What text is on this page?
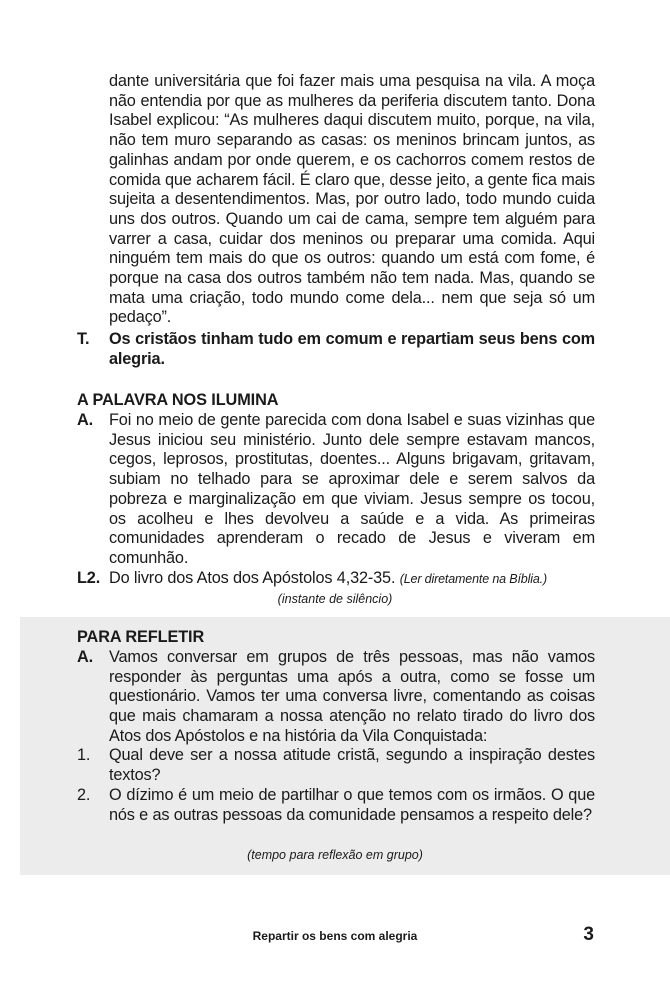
dante universitária que foi fazer mais uma pesquisa na vila. A moça não entendia por que as mulheres da periferia discutem tanto. Dona Isabel explicou: “As mulheres daqui discutem muito, porque, na vila, não tem muro separando as casas: os meninos brincam juntos, as galinhas andam por onde querem, e os cachorros comem restos de comida que acharem fácil. É claro que, desse jeito, a gente fica mais sujeita a desentendimentos. Mas, por outro lado, todo mundo cuida uns dos outros. Quando um cai de cama, sempre tem alguém para varrer a casa, cuidar dos meninos ou preparar uma comida. Aqui ninguém tem mais do que os outros: quando um está com fome, é porque na casa dos outros também não tem nada. Mas, quando se mata uma criação, todo mundo come dela... nem que seja só um pedaço”.
T. Os cristãos tinham tudo em comum e repartiam seus bens com alegria.
A PALAVRA NOS ILUMINA
A. Foi no meio de gente parecida com dona Isabel e suas vizinhas que Jesus iniciou seu ministério. Junto dele sempre estavam mancos, cegos, leprosos, prostitutas, doentes... Alguns brigavam, gritavam, subiam no telhado para se aproximar dele e serem salvos da pobreza e marginalização em que viviam. Jesus sempre os tocou, os acolheu e lhes devolveu a saúde e a vida. As primeiras comunidades aprenderam o recado de Jesus e viveram em comunhão.
L2. Do livro dos Atos dos Apóstolos 4,32-35. (Ler diretamente na Bíblia.)
(instante de silêncio)
PARA REFLETIR
A. Vamos conversar em grupos de três pessoas, mas não vamos responder às perguntas uma após a outra, como se fosse um questionário. Vamos ter uma conversa livre, comentando as coisas que mais chamaram a nossa atenção no relato tirado do livro dos Atos dos Apóstolos e na história da Vila Conquistada:
1. Qual deve ser a nossa atitude cristã, segundo a inspiração destes textos?
2. O dízimo é um meio de partilhar o que temos com os irmãos. O que nós e as outras pessoas da comunidade pensamos a respeito dele?
(tempo para reflexão em grupo)
Repartir os bens com alegria	3
